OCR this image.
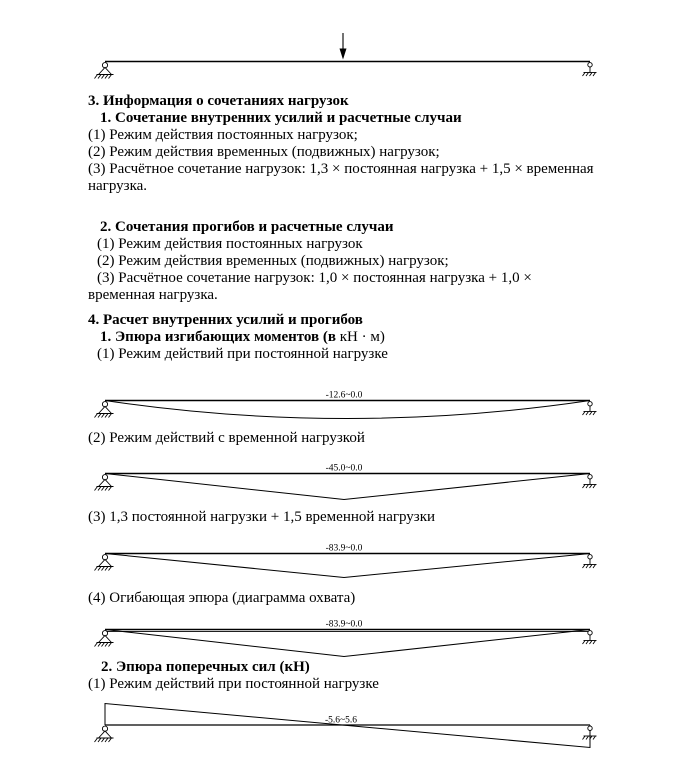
3. Информация о сочетаниях нагрузок
1. Сочетание внутренних усилий и расчетные случаи
(1) Режим действия постоянных нагрузок;
(2) Режим действия временных (подвижных) нагрузок;
(3) Расчётное сочетание нагрузок: 1,3 × постоянная нагрузка + 1,5 × временная нагрузка.
2. Сочетания прогибов и расчетные случаи
(1) Режим действия постоянных нагрузок
(2) Режим действия временных (подвижных) нагрузок;
(3) Расчётное сочетание нагрузок: 1,0 × постоянная нагрузка + 1,0 × временная нагрузка.
4. Расчет внутренних усилий и прогибов
1. Эпюра изгибающих моментов (в кН · м)
(1) Режим действий при постоянной нагрузке
-12.6~0.0
(2) Режим действий с временной нагрузкой
-45.0~0.0
(3) 1,3 постоянной нагрузки + 1,5 временной нагрузки
-83.9~0.0
(4) Огибающая эпюра (диаграмма охвата)
-83.9~0.0
2. Эпюра поперечных сил (кН)
(1) Режим действий при постоянной нагрузке
-5.6~5.6
